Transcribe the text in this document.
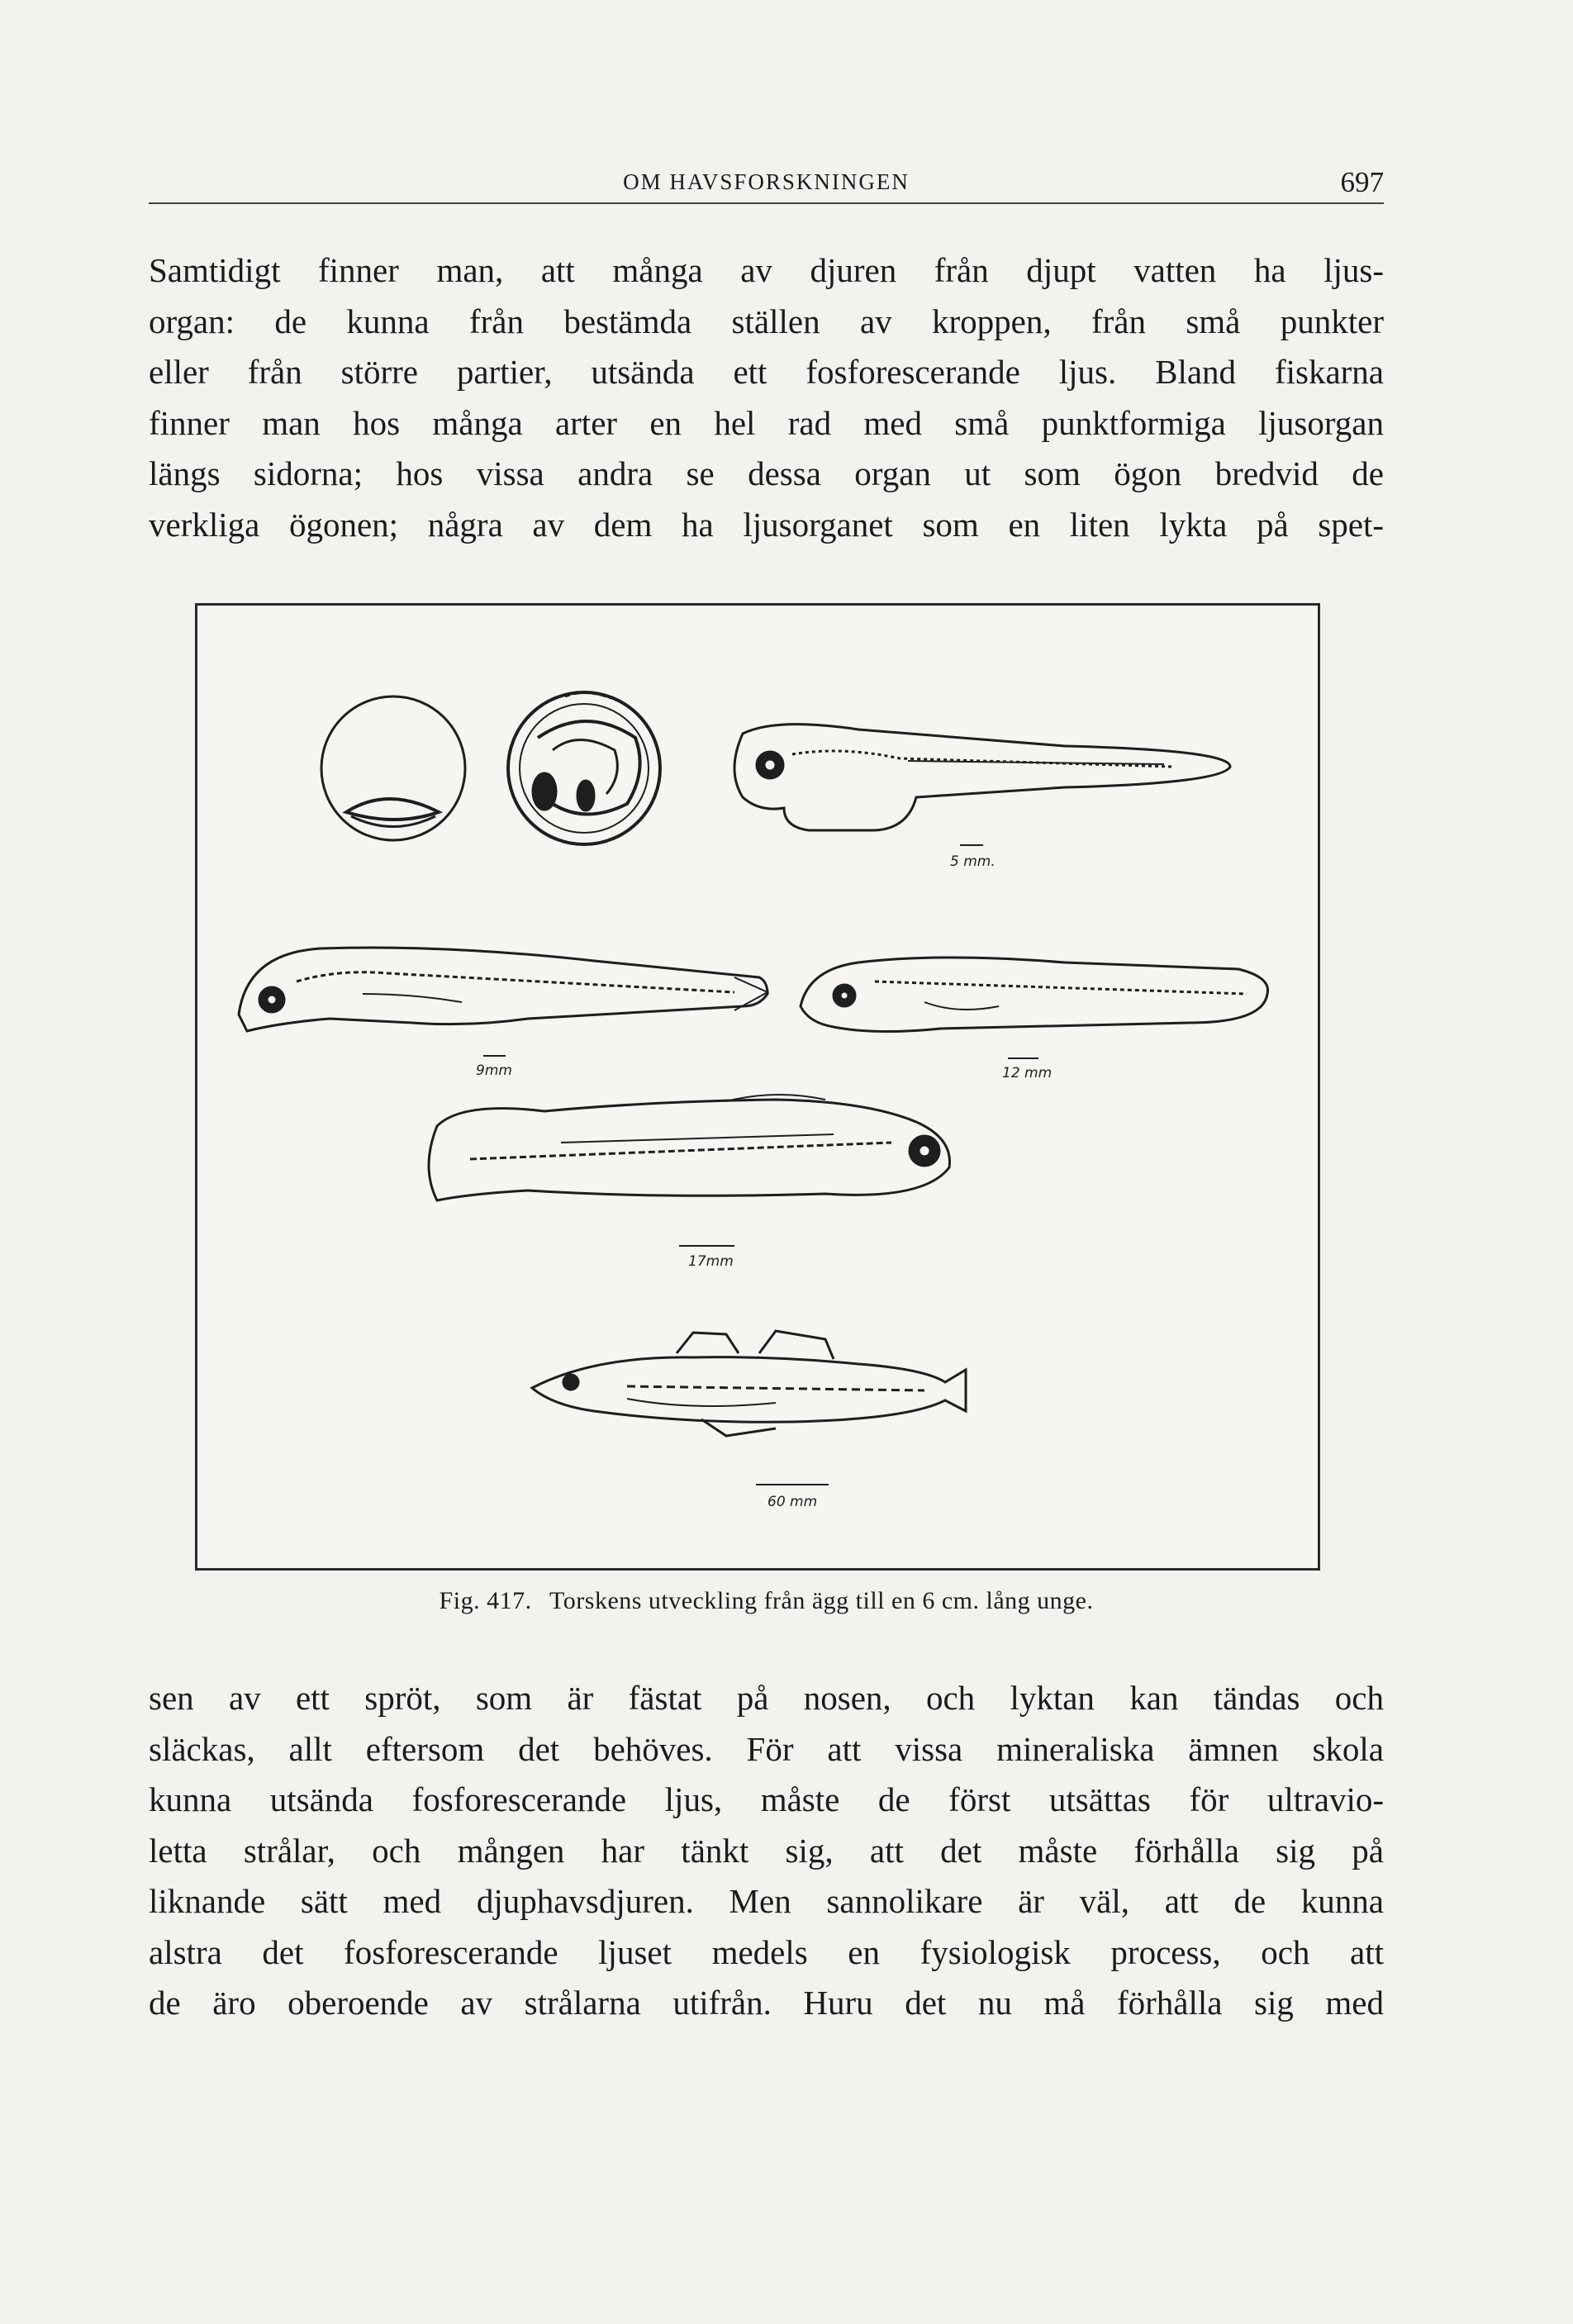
OM HAVSFORSKNINGEN	697
Samtidigt finner man, att många av djuren från djupt vatten ha ljus-
organ: de kunna från bestämda ställen av kroppen, från små punkter
eller från större partier, utsända ett fosforescerande ljus. Bland fiskarna
finner man hos många arter en hel rad med små punktformiga ljusorgan
längs sidorna; hos vissa andra se dessa organ ut som ögon bredvid de
verkliga ögonen; några av dem ha ljusorganet som en liten lykta på spet-
5 mm.
9mm	12 mm
17mm
60 mm
Fig. 417. Torskens utveckling från ägg till en 6 cm. lång unge.
sen av ett spröt, som är fästat på nosen, och lyktan kan tändas och
släckas, allt eftersom det behöves. För att vissa mineraliska ämnen skola
kunna utsända fosforescerande ljus, måste de först utsättas för ultravio-
letta strålar, och mången har tänkt sig, att det måste förhålla sig på
liknande sätt med djuphavsdjuren. Men sannolikare är väl, att de kunna
alstra det fosforescerande ljuset medels en fysiologisk process, och att
de äro oberoende av strålarna utifrån. Huru det nu må förhålla sig med
